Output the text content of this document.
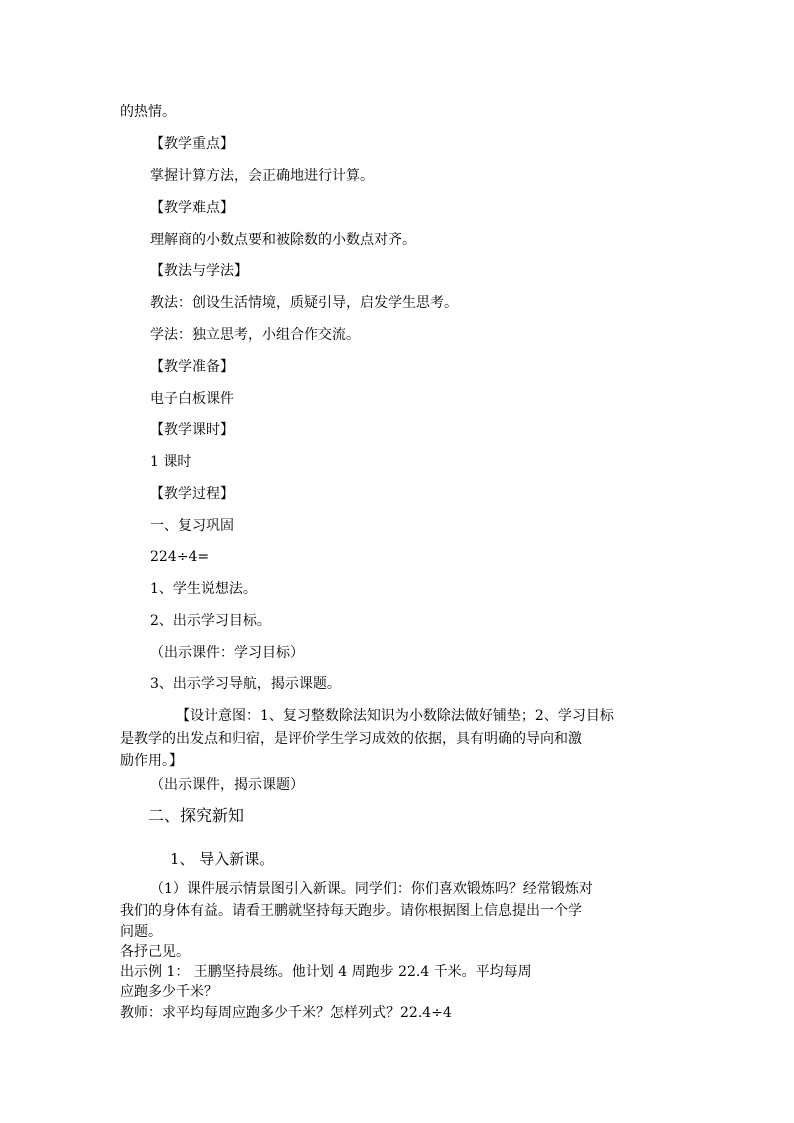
的热情。

【教学重点】

掌握计算方法，会正确地进行计算。

【教学难点】

理解商的小数点要和被除数的小数点对齐。

【教法与学法】

教法：创设生活情境，质疑引导，启发学生思考。

学法：独立思考，小组合作交流。

【教学准备】

电子白板课件

【教学课时】

1 课时

【教学过程】

一、复习巩固

224÷4=

1、学生说想法。

2、出示学习目标。

（出示课件：学习目标）

3、出示学习导航，揭示课题。

【设计意图：1、复习整数除法知识为小数除法做好铺垫；2、学习目标

是教学的出发点和归宿，是评价学生学习成效的依据，具有明确的导向和激

励作用。】

（出示课件，揭示课题）

二、探究新知

1、 导入新课。

（1）课件展示情景图引入新课。同学们：你们喜欢锻炼吗？经常锻炼对

我们的身体有益。请看王鹏就坚持每天跑步。请你根据图上信息提出一个学

问题。

各抒己见。

出示例 1： 王鹏坚持晨练。他计划 4 周跑步 22.4 千米。平均每周

应跑多少千米？

教师：求平均每周应跑多少千米？怎样列式？22.4÷4
